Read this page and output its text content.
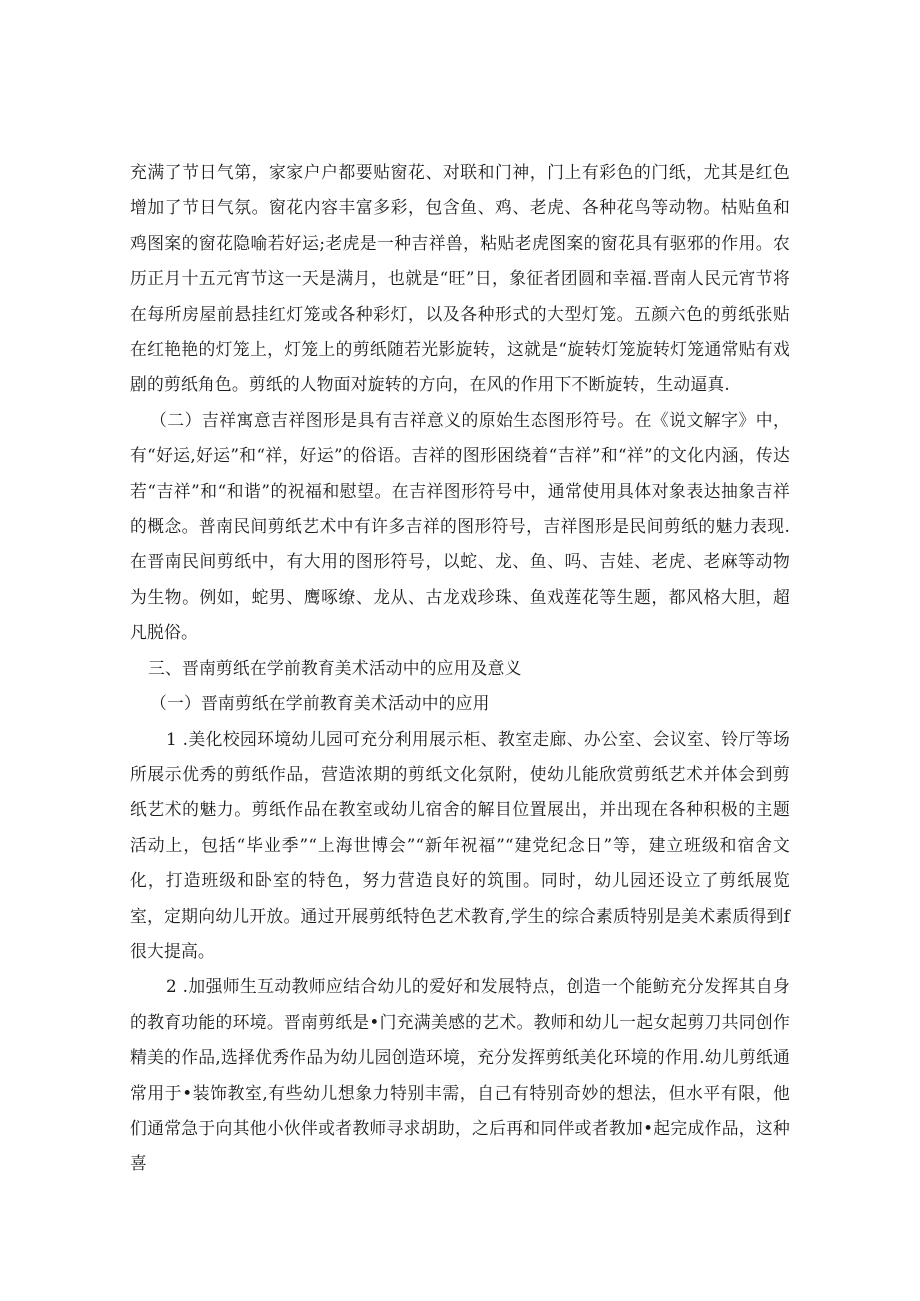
充满了节日气第，家家户户都要贴窗花、对联和门神，门上有彩色的门纸，尤其是红色增加了节日气氛。窗花内容丰富多彩，包含鱼、鸡、老虎、各种花鸟等动物。枯贴鱼和鸡图案的窗花隐喻若好运;老虎是一种吉祥兽，粘贴老虎图案的窗花具有驱邪的作用。农历正月十五元宵节这一天是满月，也就是“旺”日，象征者团圆和幸福.晋南人民元宵节将在每所房屋前悬挂红灯笼或各种彩灯，以及各种形式的大型灯笼。五颜六色的剪纸张贴在红艳艳的灯笼上，灯笼上的剪纸随若光影旋转，这就是“旋转灯笼旋转灯笼通常贴有戏剧的剪纸角色。剪纸的人物面对旋转的方向，在风的作用下不断旋转，生动逼真.

（二）吉祥寓意吉祥图形是具有吉祥意义的原始生态图形符号。在《说文解字》中，有“好运,好运”和“祥，好运”的俗语。吉祥的图形困绕着“吉祥”和“祥”的文化内涵，传达若“吉祥”和“和谐”的祝福和慰望。在吉祥图形符号中，通常使用具体对象表达抽象吉祥的概念。普南民间剪纸艺术中有许多吉祥的图形符号，吉祥图形是民间剪纸的魅力表现.在晋南民间剪纸中，有大用的图形符号，以蛇、龙、鱼、吗、吉娃、老虎、老麻等动物为生物。例如，蛇男、鹰啄缭、龙从、古龙戏珍珠、鱼戏莲花等生题，都风格大胆，超凡脱俗。

三、晋南剪纸在学前教育美术活动中的应用及意义

（一）晋南剪纸在学前教育美术活动中的应用

1 .美化校园环境幼儿园可充分利用展示柜、教室走廊、办公室、会议室、铃厅等场所展示优秀的剪纸作品，营造浓期的剪纸文化氛附，使幼儿能欣赏剪纸艺术并体会到剪纸艺术的魅力。剪纸作品在教室或幼儿宿舍的解目位置展出，并出现在各种积极的主题活动上，包括“毕业季”“上海世博会”“新年祝福”“建党纪念日”等，建立班级和宿舍文化，打造班级和卧室的特色，努力营造良好的筑围。同时，幼儿园还设立了剪纸展览室，定期向幼儿开放。通过开展剪纸特色艺术教育,学生的综合素质特别是美术素质得到f很大提高。

2 .加强师生互动教师应结合幼儿的爱好和发展特点，创造一个能鲂充分发挥其自身的教育功能的环境。晋南剪纸是•门充满美感的艺术。教师和幼儿一起女起剪刀共同创作精美的作品,选择优秀作品为幼儿园创造环境，充分发挥剪纸美化环境的作用.幼儿剪纸通常用于•装饰教室,有些幼儿想象力特别丰需，自己有特别奇妙的想法，但水平有限，他们通常急于向其他小伙伴或者教师寻求胡助，之后再和同伴或者教加•起完成作品，这种喜
